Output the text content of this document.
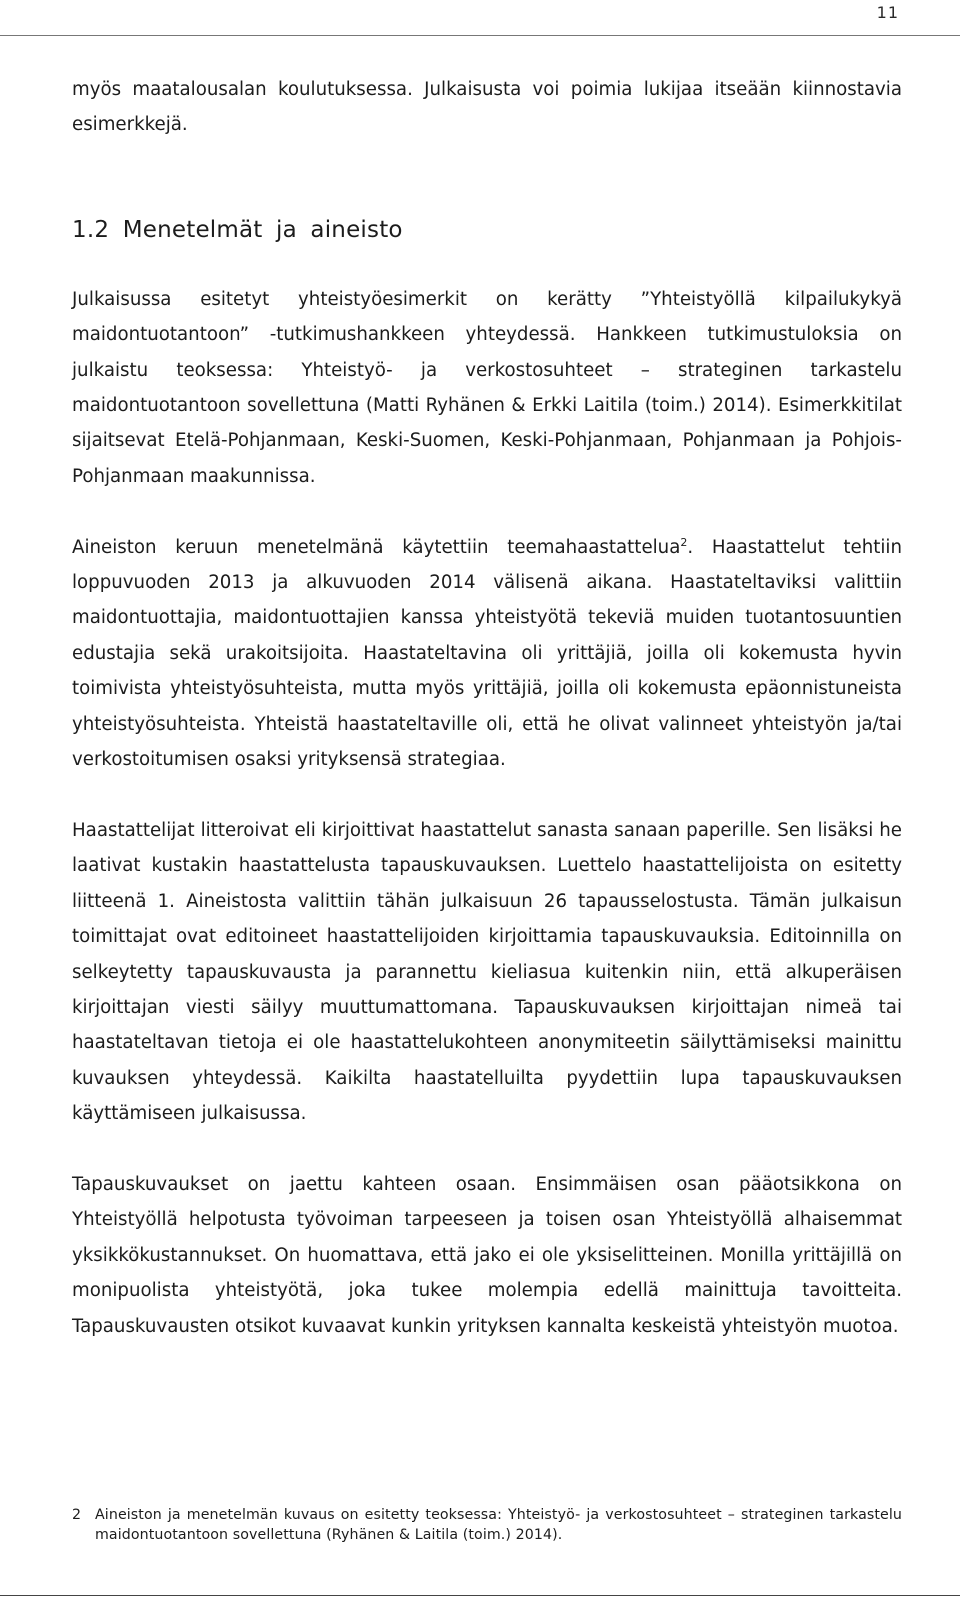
11

myös maatalousalan koulutuksessa. Julkaisusta voi poimia lukijaa itseään kiinnostavia esimerkkejä.

1.2 Menetelmät ja aineisto

Julkaisussa esitetyt yhteistyöesimerkit on kerätty ”Yhteistyöllä kilpailukykyä maidontuotantoon” -tutkimushankkeen yhteydessä. Hankkeen tutkimustuloksia on julkaistu teoksessa: Yhteistyö- ja verkostosuhteet – strateginen tarkastelu maidontuotantoon sovellettuna (Matti Ryhänen & Erkki Laitila (toim.) 2014). Esimerkkitilat sijaitsevat Etelä-Pohjanmaan, Keski-Suomen, Keski-Pohjanmaan, Pohjanmaan ja Pohjois-Pohjanmaan maakunnissa.

Aineiston keruun menetelmänä käytettiin teemahaastattelua$^2$. Haastattelut tehtiin loppuvuoden 2013 ja alkuvuoden 2014 välisenä aikana. Haastateltaviksi valittiin maidontuottajia, maidontuottajien kanssa yhteistyötä tekeviä muiden tuotantosuuntien edustajia sekä urakoitsijoita. Haastateltavina oli yrittäjiä, joilla oli kokemusta hyvin toimivista yhteistyösuhteista, mutta myös yrittäjiä, joilla oli kokemusta epäonnistuneista yhteistyösuhteista. Yhteistä haastateltaville oli, että he olivat valinneet yhteistyön ja/tai verkostoitumisen osaksi yrityksensä strategiaa.

Haastattelijat litteroivat eli kirjoittivat haastattelut sanasta sanaan paperille. Sen lisäksi he laativat kustakin haastattelusta tapauskuvauksen. Luettelo haastattelijoista on esitetty liitteenä 1. Aineistosta valittiin tähän julkaisuun 26 tapausselostusta. Tämän julkaisun toimittajat ovat editoineet haastattelijoiden kirjoittamia tapauskuvauksia. Editoinnilla on selkeytetty tapauskuvausta ja parannettu kieliasua kuitenkin niin, että alkuperäisen kirjoittajan viesti säilyy muuttumattomana. Tapauskuvauksen kirjoittajan nimeä tai haastateltavan tietoja ei ole haastattelukohteen anonymiteetin säilyttämiseksi mainittu kuvauksen yhteydessä. Kaikilta haastatelluilta pyydettiin lupa tapauskuvauksen käyttämiseen julkaisussa.

Tapauskuvaukset on jaettu kahteen osaan. Ensimmäisen osan pääotsikkona on Yhteistyöllä helpotusta työvoiman tarpeeseen ja toisen osan Yhteistyöllä alhaisemmat yksikkökustannukset. On huomattava, että jako ei ole yksiselitteinen. Monilla yrittäjillä on monipuolista yhteistyötä, joka tukee molempia edellä mainittuja tavoitteita. Tapauskuvausten otsikot kuvaavat kunkin yrityksen kannalta keskeistä yhteistyön muotoa.

2 Aineiston ja menetelmän kuvaus on esitetty teoksessa: Yhteistyö- ja verkostosuhteet – strateginen tarkastelu maidontuotantoon sovellettuna (Ryhänen & Laitila (toim.) 2014).
